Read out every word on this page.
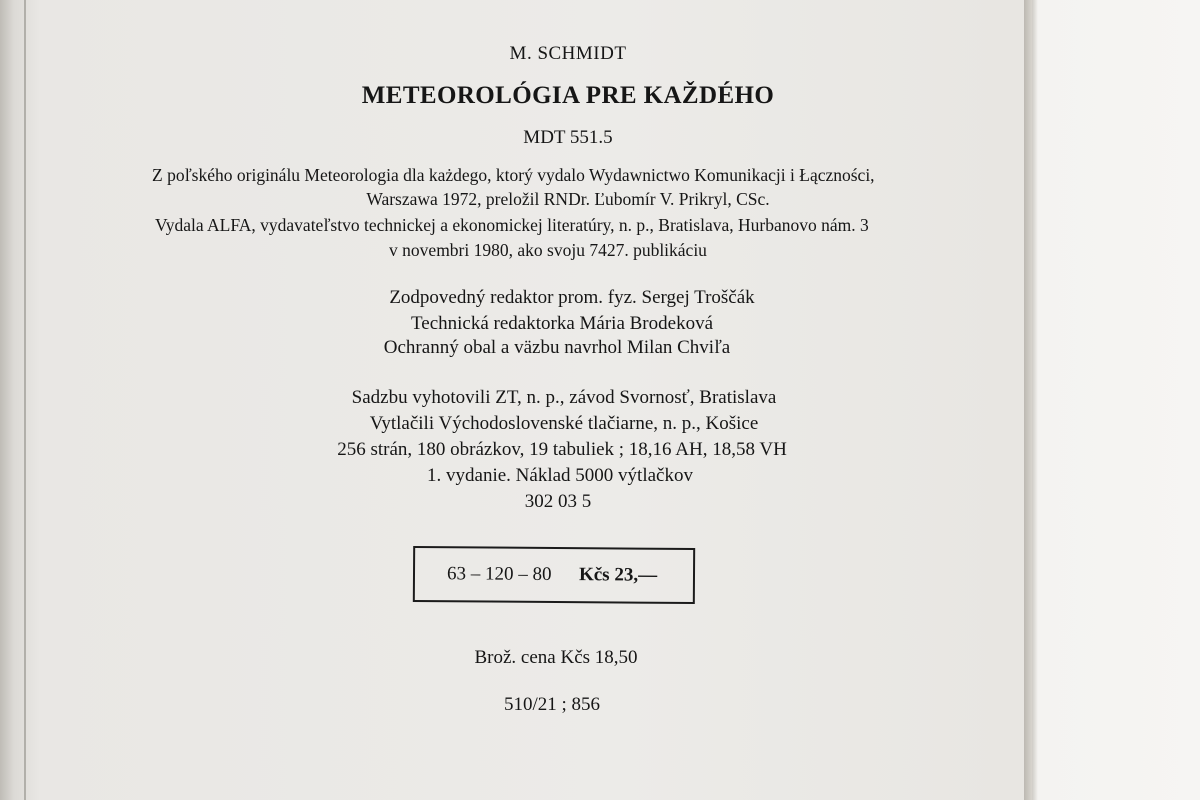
M. SCHMIDT
METEOROLÓGIA PRE KAŽDÉHO
MDT 551.5
Z poľského originálu Meteorologia dla każdego, ktorý vydalo Wydawnictwo Komunikacji i Łączności,
Warszawa 1972, preložil RNDr. Ľubomír V. Prikryl, CSc.
Vydala ALFA, vydavateľstvo technickej a ekonomickej literatúry, n. p., Bratislava, Hurbanovo nám. 3
v novembri 1980, ako svoju 7427. publikáciu
Zodpovedný redaktor prom. fyz. Sergej Troščák
Technická redaktorka Mária Brodeková
Ochranný obal a väzbu navrhol Milan Chviľa
Sadzbu vyhotovili ZT, n. p., závod Svornosť, Bratislava
Vytlačili Východoslovenské tlačiarne, n. p., Košice
256 strán, 180 obrázkov, 19 tabuliek ; 18,16 AH, 18,58 VH
1. vydanie. Náklad 5000 výtlačkov
302 03 5
63 – 120 – 80 Kčs 23,—
Brož. cena Kčs 18,50
510/21 ; 856
